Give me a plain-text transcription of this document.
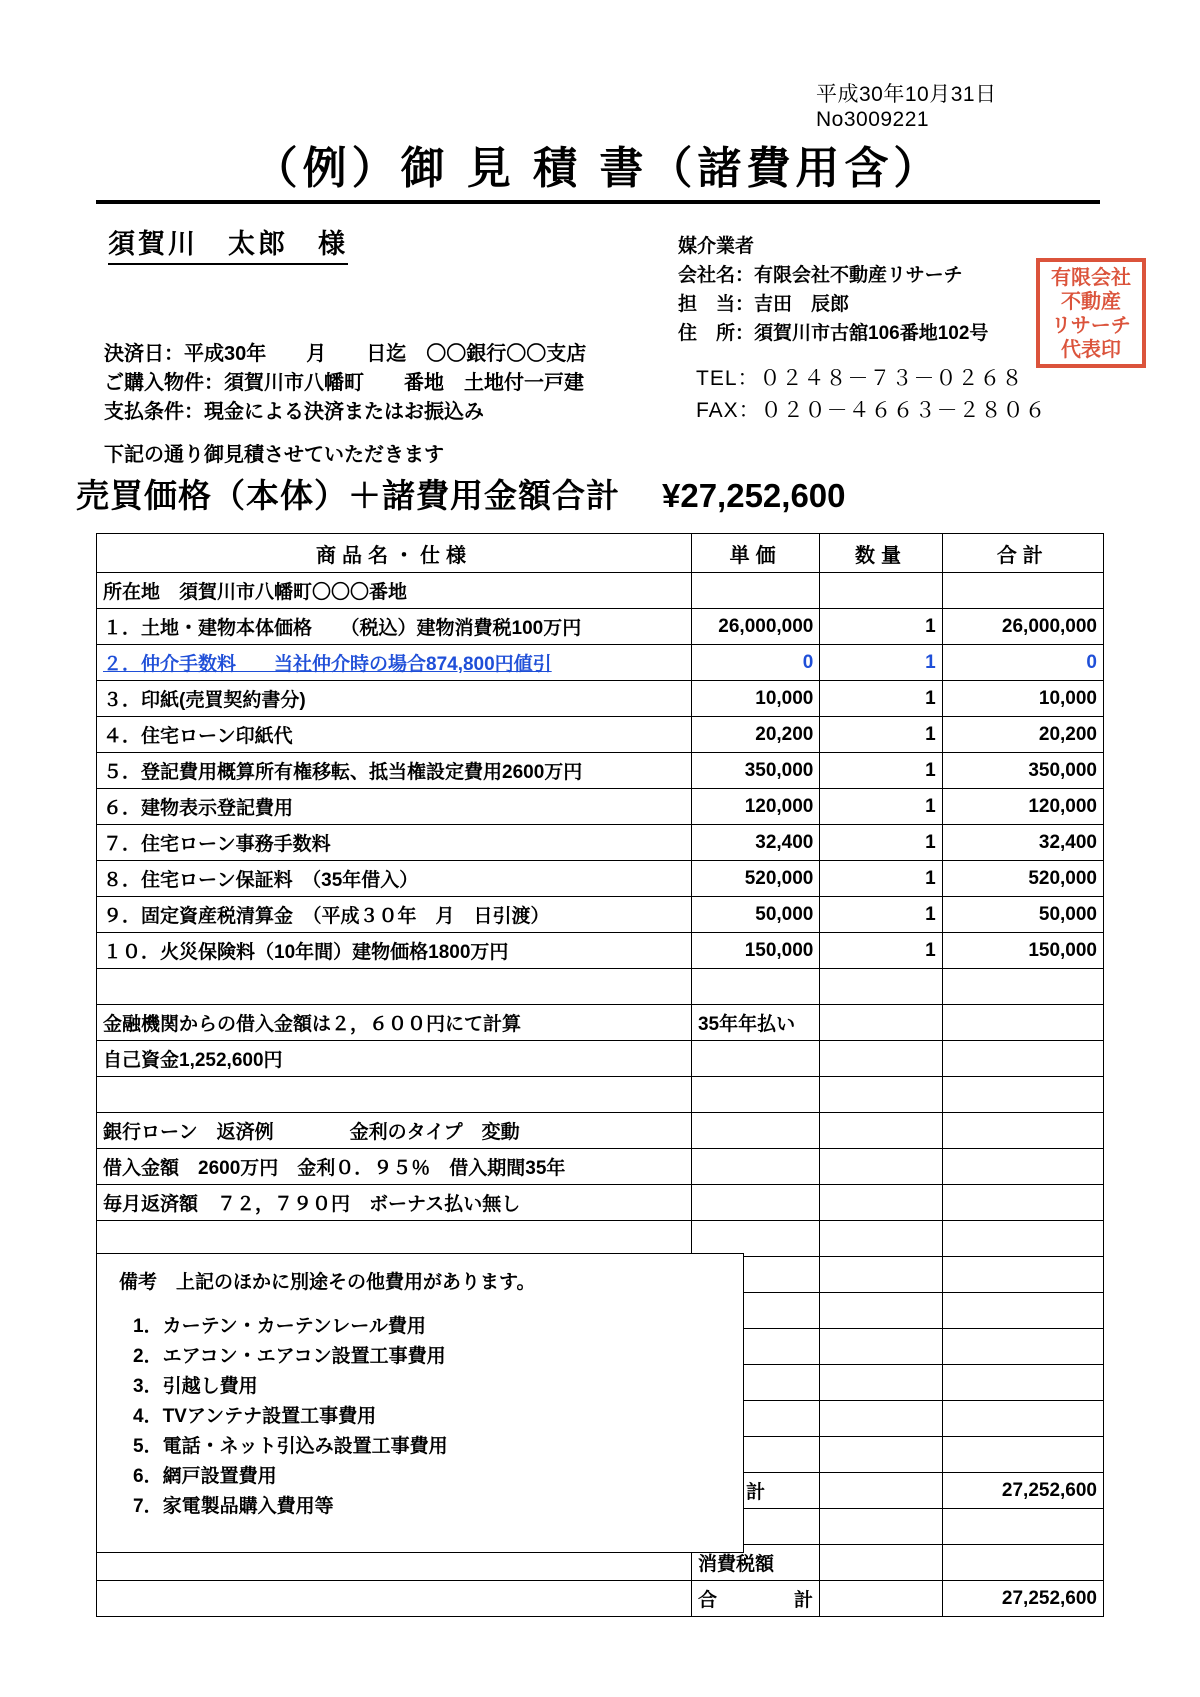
平成30年10月31日
No3009221
（例）御 見 積 書（諸費用含）
須賀川　太郎　様	媒介業者
会社名：有限会社不動産リサーチ
担　当：吉田　辰郎
住　所：須賀川市古舘106番地102号
TEL：０２４８－７３－０２６８
FAX：０２０－４６６３－２８０６
有限会社
不動産
リサーチ
代表印
決済日：平成30年　　月　　日迄　〇〇銀行〇〇支店
ご購入物件：須賀川市八幡町　　番地　土地付一戸建
支払条件：現金による決済またはお振込み
下記の通り御見積させていただきます
売買価格（本体）＋諸費用金額合計 ¥27,252,600
商品名・仕様	単価	数量	合計
所在地　須賀川市八幡町〇〇〇番地			
１．土地・建物本体価格　　（税込）建物消費税100万円	26,000,000	1	26,000,000
２．仲介手数料　　当社仲介時の場合874,800円値引	0	1	0
３．印紙(売買契約書分)	10,000	1	10,000
４．住宅ローン印紙代	20,200	1	20,200
５．登記費用概算所有権移転、抵当権設定費用2600万円	350,000	1	350,000
６．建物表示登記費用	120,000	1	120,000
７．住宅ローン事務手数料	32,400	1	32,400
８．住宅ローン保証料　（35年借入）	520,000	1	520,000
９．固定資産税清算金　（平成３０年　月　日引渡）	50,000	1	50,000
１０．火災保険料（10年間）建物価格1800万円	150,000	1	150,000

金融機関からの借入金額は２，６００円にて計算	35年年払い		
自己資金1,252,600円			

銀行ローン　返済例　　　　金利のタイプ　変動			
借入金額　2600万円　金利０．９５％　借入期間35年			
毎月返済額　７２，７９０円　ボーナス払い無し			

	計		27,252,600

	消費税額		
	合　　　計		27,252,600
備考　上記のほかに別途その他費用があります。
1．カーテン・カーテンレール費用
2．エアコン・エアコン設置工事費用
3．引越し費用
4．TVアンテナ設置工事費用
5．電話・ネット引込み設置工事費用
6．網戸設置費用
7．家電製品購入費用等
